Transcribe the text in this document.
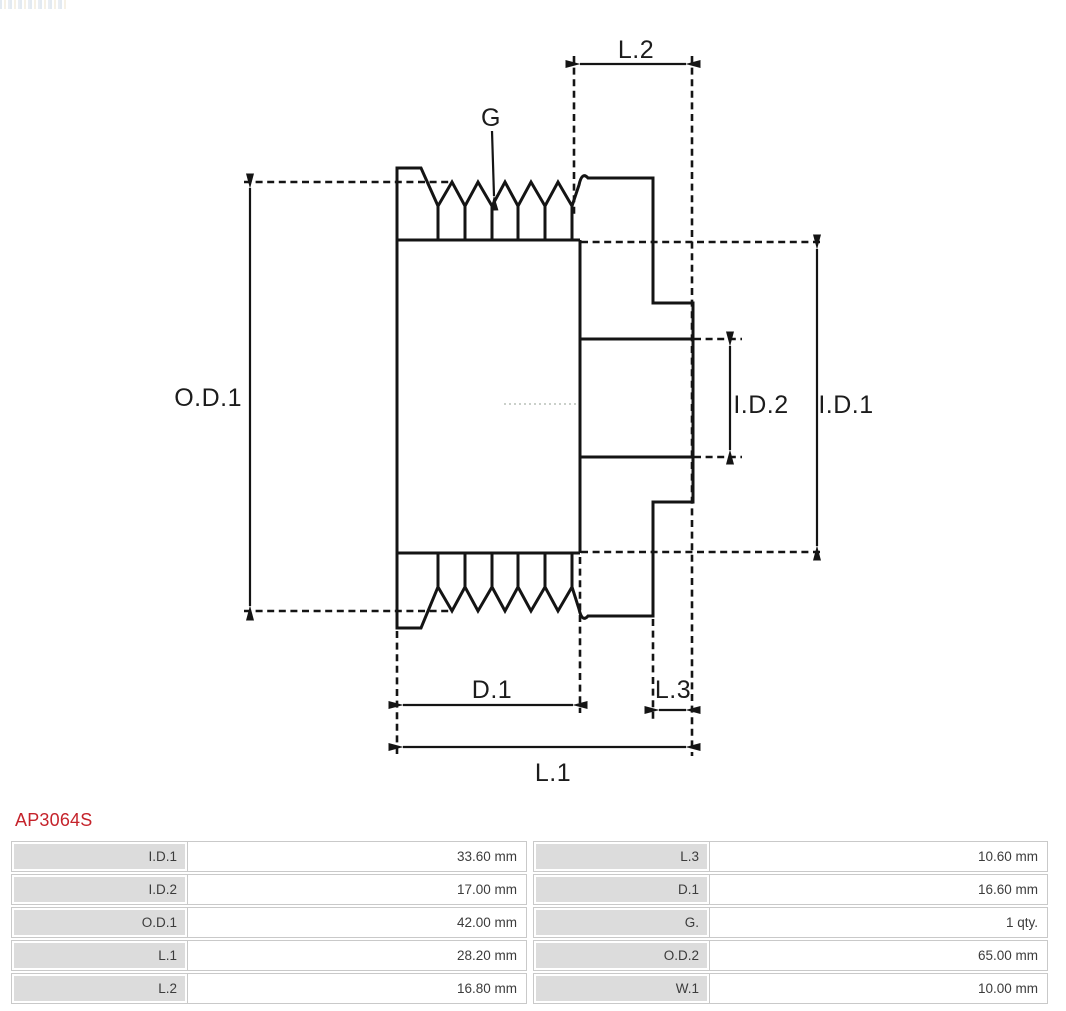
L.2
G
O.D.1	I.D.2 I.D.1
D.1	L.3
L.1
AP3064S
I.D.1	33.60 mm
I.D.2	17.00 mm
O.D.1	42.00 mm
L.1	28.20 mm
L.2	16.80 mm
L.3	10.60 mm
D.1	16.60 mm
G.	1 qty.
O.D.2	65.00 mm
W.1	10.00 mm
